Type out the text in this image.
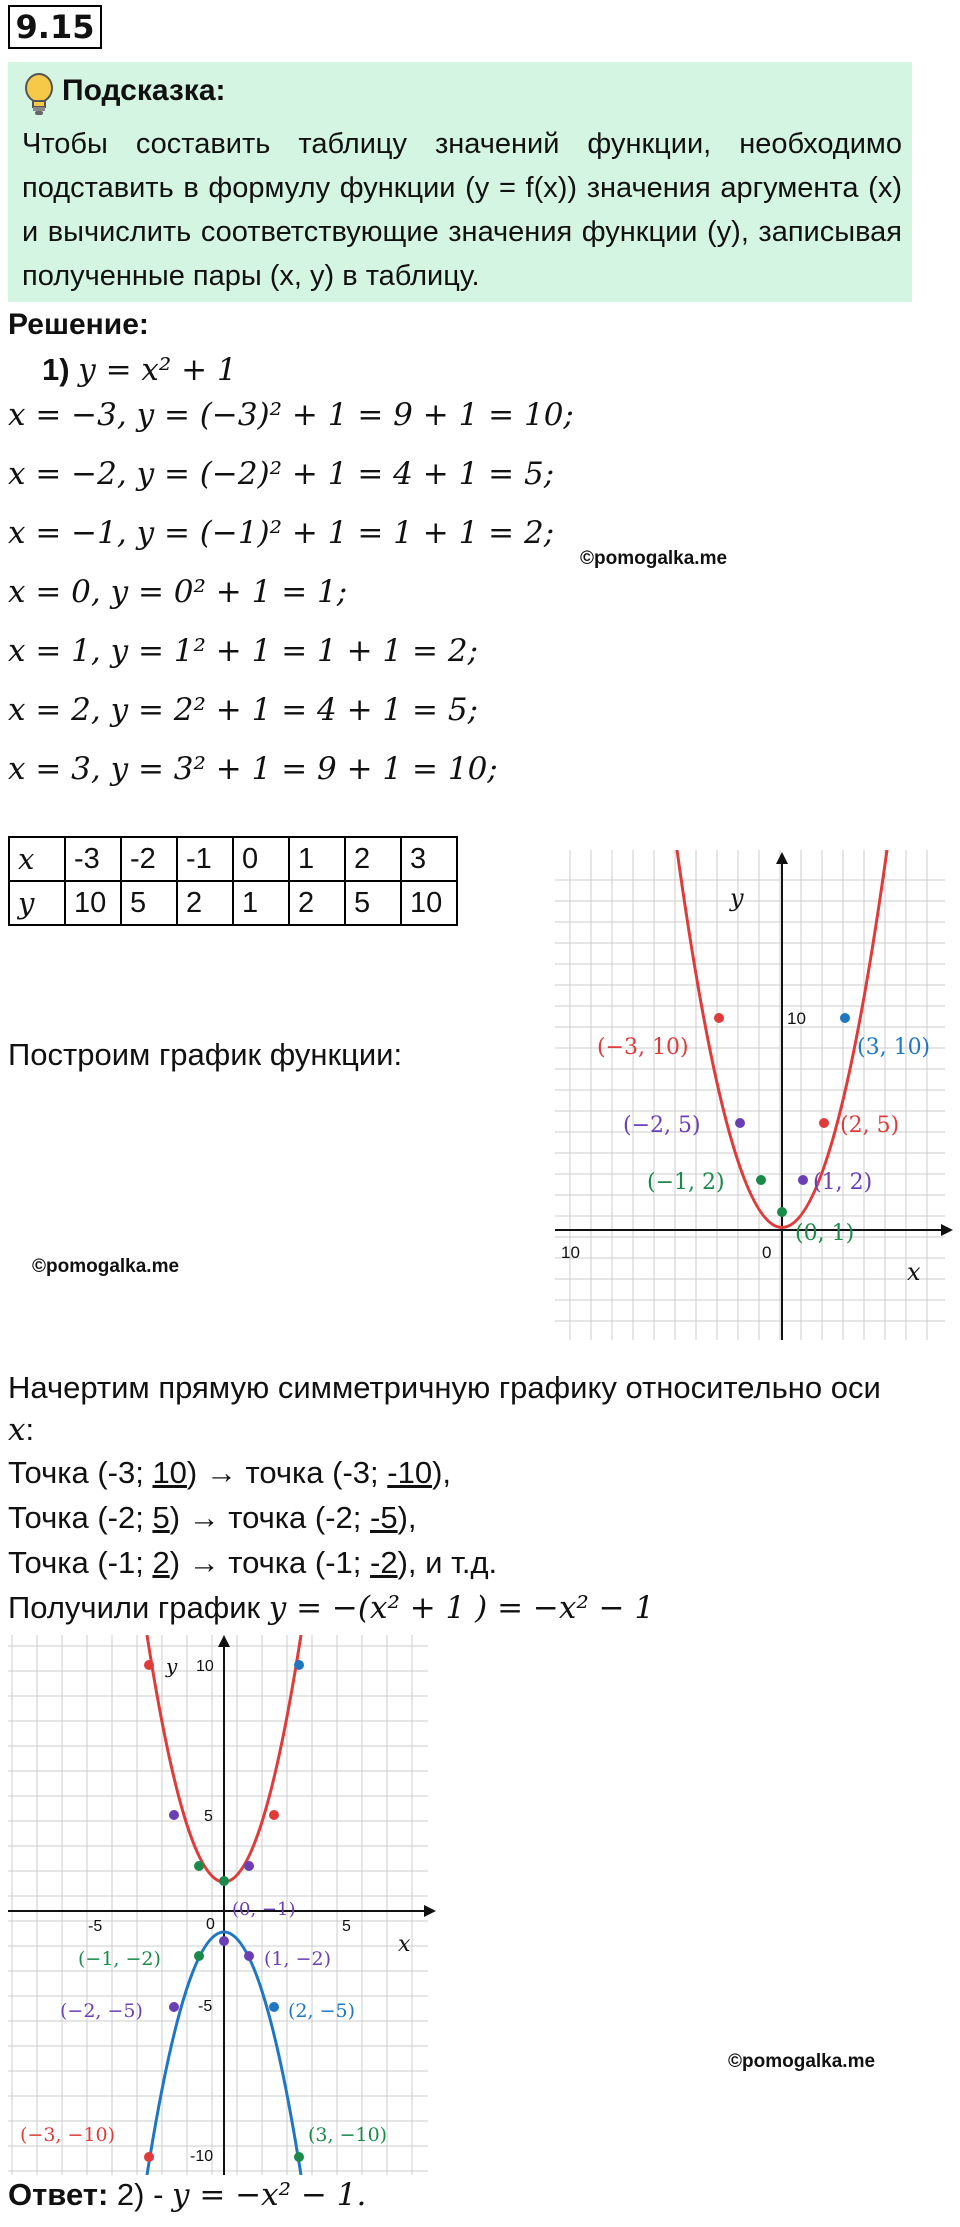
9.15
Подсказка:
Чтобы составить таблицу значений функции, необходимо подставить в формулу функции (y = f(x)) значения аргумента (x) и вычислить соответствующие значения функции (y), записывая полученные пары (x, y) в таблицу.
Решение:
1) y = x² + 1
x = −3, y = (−3)² + 1 = 9 + 1 = 10;
x = −2, y = (−2)² + 1 = 4 + 1 = 5;
x = −1, y = (−1)² + 1 = 1 + 1 = 2;
©pomogalka.me
x = 0, y = 0² + 1 = 1;
x = 1, y = 1² + 1 = 1 + 1 = 2;
x = 2, y = 2² + 1 = 4 + 1 = 5;
x = 3, y = 3² + 1 = 9 + 1 = 10;
x	-3	-2	-1	0	1	2	3
y	10	5	2	1	2	5	10
Построим график функции:
©pomogalka.me
y
x
10
10	0
(−3, 10)	(3, 10)
(−2, 5)	(2, 5)
(−1, 2)	(1, 2)
(0, 1)
Начертим прямую симметричную графику относительно оси
x:
Точка (-3; 10) → точка (-3; -10),
Точка (-2; 5) → точка (-2; -5),
Точка (-1; 2) → точка (-1; -2), и т.д.
Получили график y = −(x² + 1 ) = −x² − 1
y
x
10
5
-5
-10
-5	5
0
(0, −1)
(−1, −2)	(1, −2)
(−2, −5)	(2, −5)
(−3, −10)	(3, −10)
©pomogalka.me
Ответ: 2) - y = −x² − 1.
